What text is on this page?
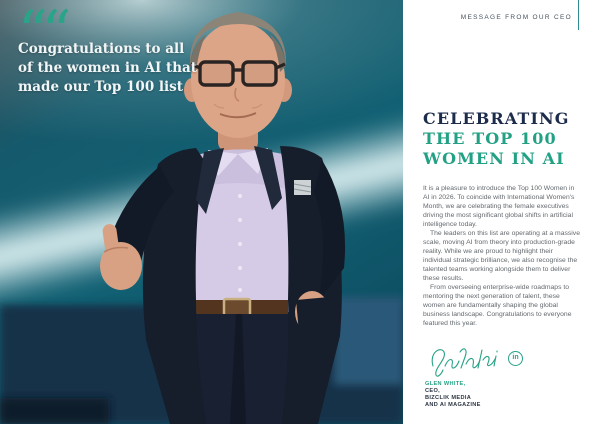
““
Congratulations to all
of the women in AI that
made our Top 100 list
MESSAGE FROM OUR CEO
CELEBRATING
THE TOP 100
WOMEN IN AI

It is a pleasure to introduce the Top 100 Women in AI in 2026. To coincide with International Women's Month, we are celebrating the female executives driving the most significant global shifts in artificial intelligence today.

The leaders on this list are operating at a massive scale, moving AI from theory into production-grade reality. While we are proud to highlight their individual strategic brilliance, we also recognise the talented teams working alongside them to deliver these results.

From overseeing enterprise-wide roadmaps to mentoring the next generation of talent, these women are fundamentally shaping the global business landscape. Congratulations to everyone featured this year.

in
GLEN WHITE,
CEO,
BIZCLIK MEDIA
AND AI MAGAZINE
